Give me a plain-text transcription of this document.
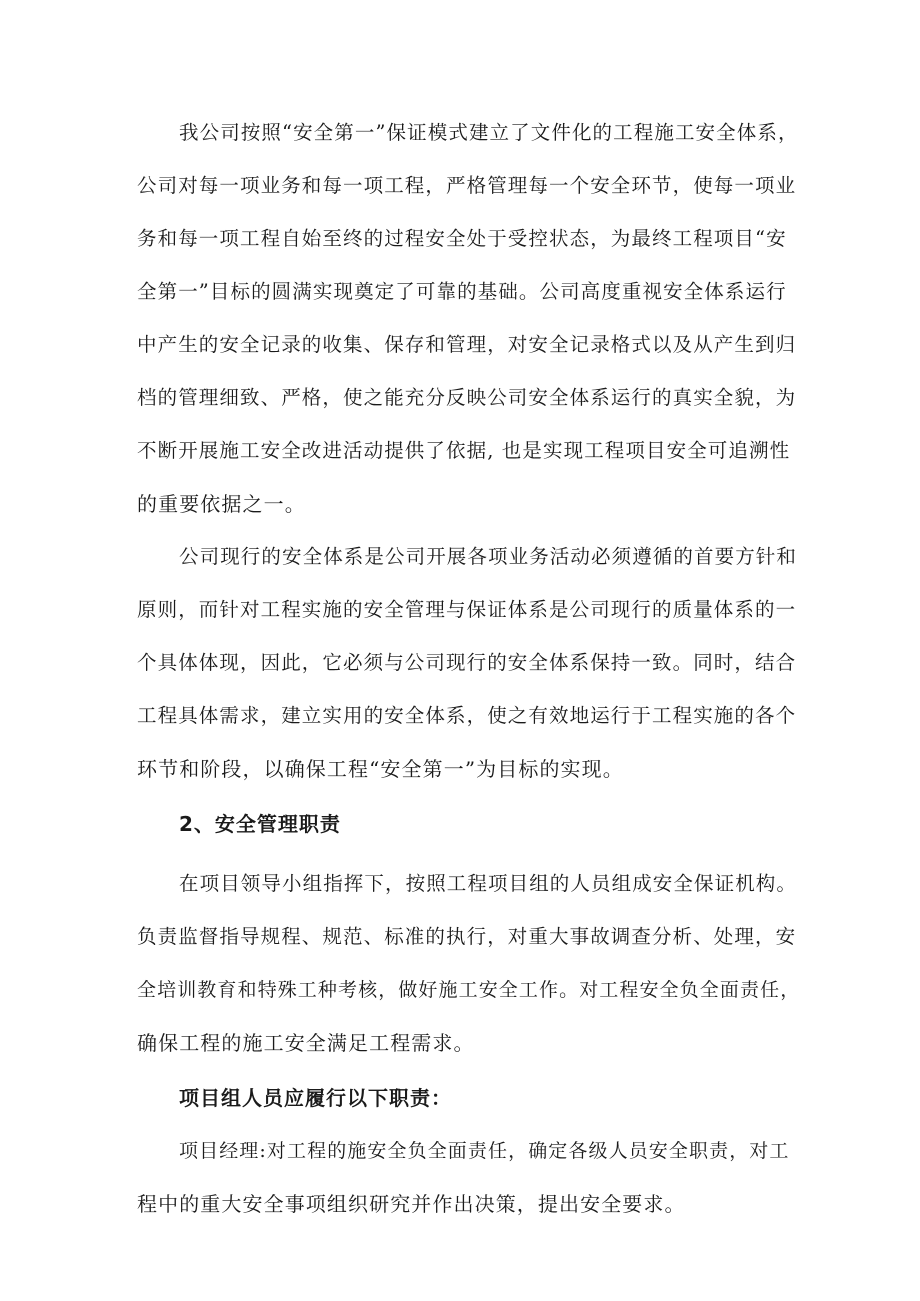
我公司按照“安全第一”保证模式建立了文件化的工程施工安全体系，
公司对每一项业务和每一项工程，严格管理每一个安全环节，使每一项业
务和每一项工程自始至终的过程安全处于受控状态，为最终工程项目“安
全第一”目标的圆满实现奠定了可靠的基础。公司高度重视安全体系运行
中产生的安全记录的收集、保存和管理，对安全记录格式以及从产生到归
档的管理细致、严格，使之能充分反映公司安全体系运行的真实全貌，为
不断开展施工安全改进活动提供了依据, 也是实现工程项目安全可追溯性
的重要依据之一。
公司现行的安全体系是公司开展各项业务活动必须遵循的首要方针和
原则，而针对工程实施的安全管理与保证体系是公司现行的质量体系的一
个具体体现，因此，它必须与公司现行的安全体系保持一致。同时，结合
工程具体需求，建立实用的安全体系，使之有效地运行于工程实施的各个
环节和阶段，以确保工程“安全第一”为目标的实现。
2、安全管理职责
在项目领导小组指挥下，按照工程项目组的人员组成安全保证机构。
负责监督指导规程、规范、标准的执行，对重大事故调查分析、处理，安
全培训教育和特殊工种考核，做好施工安全工作。对工程安全负全面责任，
确保工程的施工安全满足工程需求。
项目组人员应履行以下职责：
项目经理:对工程的施安全负全面责任，确定各级人员安全职责，对工
程中的重大安全事项组织研究并作出决策，提出安全要求。
